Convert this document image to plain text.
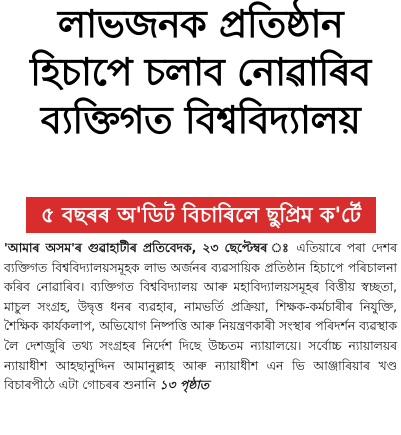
লাভজনক প্ৰতিষ্ঠান
হিচাপে চলাব নোৱাৰিব
ব্যক্তিগত বিশ্ববিদ্যালয়
৫ বছৰৰ অ'ডিট বিচাৰিলে ছুপ্ৰিম ক'ৰ্টে
'আমাৰ অসম'ৰ গুৱাহাটীৰ প্ৰতিবেদক, ২৩ ছেপ্টেম্বৰ ঃ এতিয়াৰে পৰা দেশৰ ব্যক্তিগত বিশ্ববিদ্যালয়সমূহক লাভ অৰ্জনৰ ব্যৱসায়িক প্ৰতিষ্ঠান হিচাপে পৰিচালনা কৰিব নোৱাৰিব। ব্যক্তিগত বিশ্ববিদ্যালয় আৰু মহাবিদ্যালয়সমূহৰ বিত্তীয় স্বচ্ছতা, মাচুল সংগ্ৰহ, উদ্বৃত্ত ধনৰ ব্যৱহাৰ, নামভৰ্তি প্ৰক্ৰিয়া, শিক্ষক-কৰ্মচাৰীৰ নিযুক্তি, শৈক্ষিক কাৰ্যকলাপ, অভিযোগ নিষ্পত্তি আৰু নিয়ন্ত্ৰণকাৰী সংস্থাৰ পৰিদৰ্শন ব্যৱস্থাক লৈ দেশজুৰি তথ্য সংগ্ৰহৰ নিৰ্দেশ দিছে উচ্চতম ন্যায়ালয়ে। সৰ্বোচ্চ ন্যায়ালয়ৰ ন্যায়াধীশ আহছানুদ্দিন আমানুল্লাহ আৰু ন্যায়াধীশ এন ভি আঞ্জাৰিয়াৰ খণ্ড বিচাৰপীঠে এটা গোচৰৰ শুনানি ১৩ পৃষ্ঠাত
